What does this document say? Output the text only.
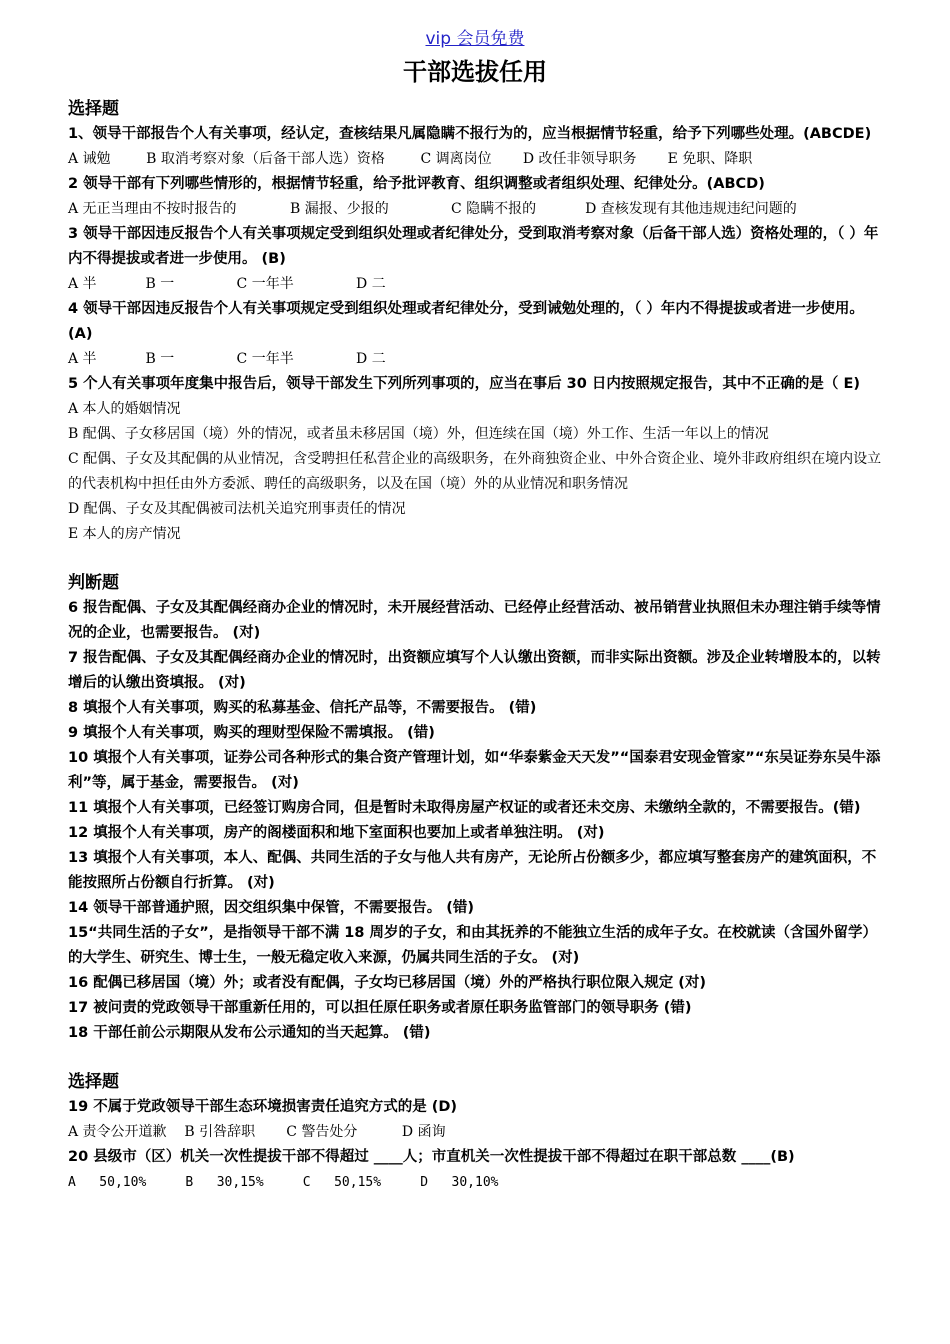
vip 会员免费
干部选拔任用

选择题

1、领导干部报告个人有关事项，经认定，查核结果凡属隐瞒不报行为的，应当根据情节轻重，给予下列哪些处理。(ABCDE)

A 诫勉        B 取消考察对象（后备干部人选）资格        C 调离岗位       D 改任非领导职务       E 免职、降职

2 领导干部有下列哪些情形的，根据情节轻重，给予批评教育、组织调整或者组织处理、纪律处分。(ABCD)

A 无正当理由不按时报告的            B 漏报、少报的              C 隐瞒不报的           D 查核发现有其他违规违纪问题的

3 领导干部因违反报告个人有关事项规定受到组织处理或者纪律处分，受到取消考察对象（后备干部人选）资格处理的，（ ）年内不得提拔或者进一步使用。 (B)

A 半           B 一              C 一年半              D 二

4 领导干部因违反报告个人有关事项规定受到组织处理或者纪律处分，受到诫勉处理的，（ ）年内不得提拔或者进一步使用。 (A)

A 半           B 一              C 一年半              D 二

5 个人有关事项年度集中报告后，领导干部发生下列所列事项的，应当在事后 30 日内按照规定报告，其中不正确的是（ E)

A 本人的婚姻情况

B 配偶、子女移居国（境）外的情况，或者虽未移居国（境）外，但连续在国（境）外工作、生活一年以上的情况

C 配偶、子女及其配偶的从业情况，含受聘担任私营企业的高级职务，在外商独资企业、中外合资企业、境外非政府组织在境内设立的代表机构中担任由外方委派、聘任的高级职务，以及在国（境）外的从业情况和职务情况

D 配偶、子女及其配偶被司法机关追究刑事责任的情况

E 本人的房产情况

判断题

6 报告配偶、子女及其配偶经商办企业的情况时，未开展经营活动、已经停止经营活动、被吊销营业执照但未办理注销手续等情况的企业，也需要报告。 (对)

7 报告配偶、子女及其配偶经商办企业的情况时，出资额应填写个人认缴出资额，而非实际出资额。涉及企业转增股本的，以转增后的认缴出资填报。 (对)

8 填报个人有关事项，购买的私募基金、信托产品等，不需要报告。 (错)

9 填报个人有关事项，购买的理财型保险不需填报。 (错)

10 填报个人有关事项，证券公司各种形式的集合资产管理计划，如“华泰紫金天天发”“国泰君安现金管家”“东吴证券东吴牛添利”等，属于基金，需要报告。 (对)

11 填报个人有关事项，已经签订购房合同，但是暂时未取得房屋产权证的或者还未交房、未缴纳全款的，不需要报告。(错)

12 填报个人有关事项，房产的阁楼面积和地下室面积也要加上或者单独注明。 (对)

13 填报个人有关事项，本人、配偶、共同生活的子女与他人共有房产，无论所占份额多少，都应填写整套房产的建筑面积，不能按照所占份额自行折算。 (对)

14 领导干部普通护照，因交组织集中保管，不需要报告。 (错)

15“共同生活的子女”，是指领导干部不满 18 周岁的子女，和由其抚养的不能独立生活的成年子女。在校就读（含国外留学）的大学生、研究生、博士生，一般无稳定收入来源，仍属共同生活的子女。 (对)

16 配偶已移居国（境）外；或者没有配偶，子女均已移居国（境）外的严格执行职位限入规定 (对)

17 被问责的党政领导干部重新任用的，可以担任原任职务或者原任职务监管部门的领导职务 (错)

18 干部任前公示期限从发布公示通知的当天起算。 (错)

选择题

19 不属于党政领导干部生态环境损害责任追究方式的是 (D)

A 责令公开道歉    B 引咎辞职       C 警告处分          D 函询

20 县级市（区）机关一次性提拔干部不得超过 ____人；市直机关一次性提拔干部不得超过在职干部总数 ____(B)

A   50,10%     B   30,15%     C   50,15%     D   30,10%
